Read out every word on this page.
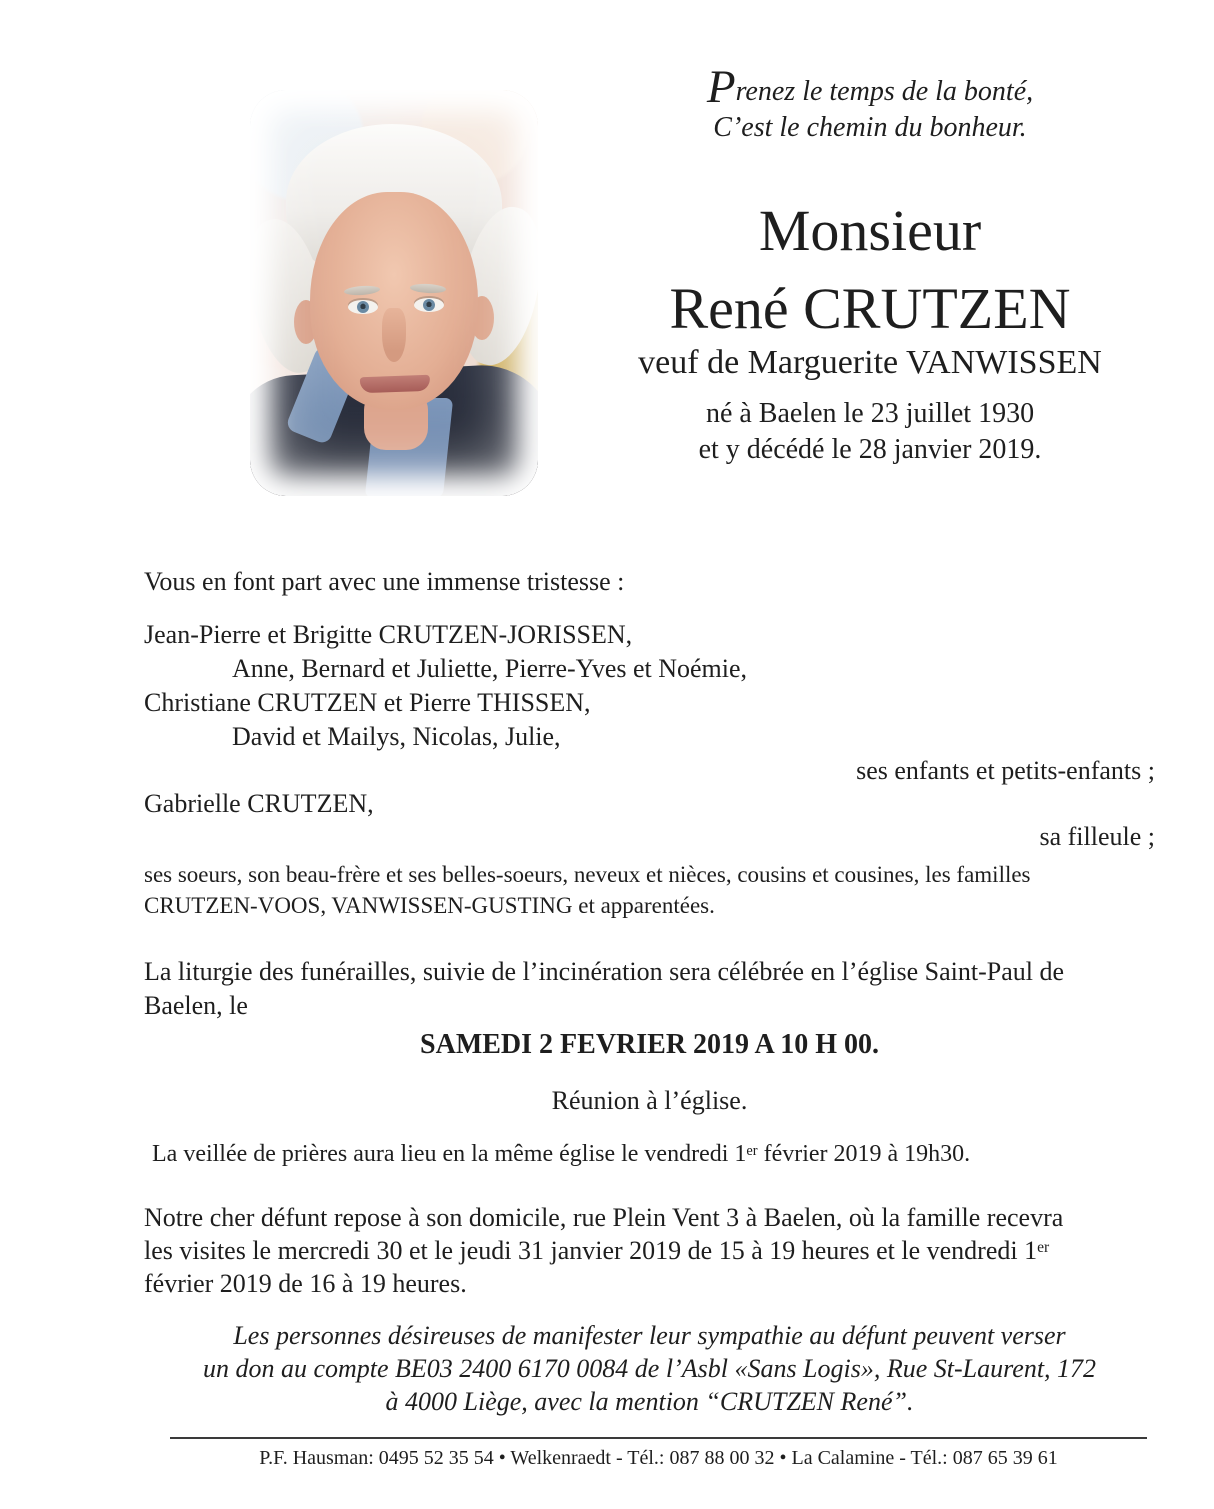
Prenez le temps de la bonté,
C’est le chemin du bonheur.
Monsieur
René CRUTZEN
veuf de Marguerite VANWISSEN
né à Baelen le 23 juillet 1930
et y décédé le 28 janvier 2019.
Vous en font part avec une immense tristesse :
Jean-Pierre et Brigitte CRUTZEN-JORISSEN,
Anne, Bernard et Juliette, Pierre-Yves et Noémie,
Christiane CRUTZEN et Pierre THISSEN,
David et Mailys, Nicolas, Julie,
ses enfants et petits-enfants ;
Gabrielle CRUTZEN,
sa filleule ;
ses soeurs, son beau-frère et ses belles-soeurs, neveux et nièces, cousins et cousines, les familles
CRUTZEN-VOOS, VANWISSEN-GUSTING et apparentées.
La liturgie des funérailles, suivie de l’incinération sera célébrée en l’église Saint-Paul de
Baelen, le
SAMEDI 2 FEVRIER 2019 A 10 H 00.
Réunion à l’église.
La veillée de prières aura lieu en la même église le vendredi 1er février 2019 à 19h30.
Notre cher défunt repose à son domicile, rue Plein Vent 3 à Baelen, où la famille recevra
les visites le mercredi 30 et le jeudi 31 janvier 2019 de 15 à 19 heures et le vendredi 1er
février 2019 de 16 à 19 heures.
Les personnes désireuses de manifester leur sympathie au défunt peuvent verser
un don au compte BE03 2400 6170 0084 de l’Asbl «Sans Logis», Rue St-Laurent, 172
à 4000 Liège, avec la mention “CRUTZEN René”.
P.F. Hausman: 0495 52 35 54 • Welkenraedt - Tél.: 087 88 00 32 • La Calamine - Tél.: 087 65 39 61
